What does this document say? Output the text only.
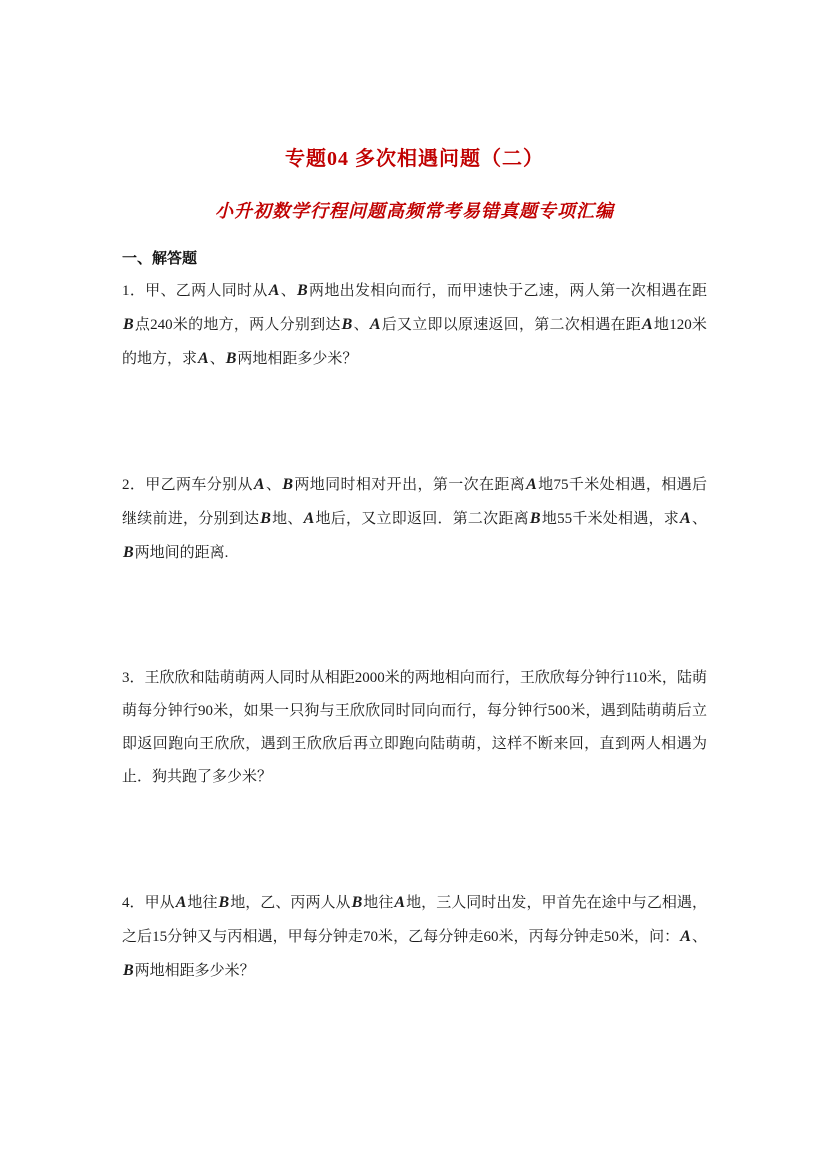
专题04 多次相遇问题（二）
小升初数学行程问题高频常考易错真题专项汇编
一、解答题

1．甲、乙两人同时从A、B两地出发相向而行，而甲速快于乙速，两人第一次相遇在距B点240米的地方，两人分别到达B、A后又立即以原速返回，第二次相遇在距A地120米的地方，求A、B两地相距多少米？

2．甲乙两车分别从A、B两地同时相对开出，第一次在距离A地75千米处相遇，相遇后继续前进，分别到达B地、A地后，又立即返回．第二次距离B地55千米处相遇，求A、B两地间的距离.

3．王欣欣和陆萌萌两人同时从相距2000米的两地相向而行，王欣欣每分钟行110米，陆萌萌每分钟行90米，如果一只狗与王欣欣同时同向而行，每分钟行500米，遇到陆萌萌后立即返回跑向王欣欣，遇到王欣欣后再立即跑向陆萌萌，这样不断来回，直到两人相遇为止．狗共跑了多少米？

4．甲从A地往B地，乙、丙两人从B地往A地，三人同时出发，甲首先在途中与乙相遇，之后15分钟又与丙相遇，甲每分钟走70米，乙每分钟走60米，丙每分钟走50米，问：A、B两地相距多少米？
